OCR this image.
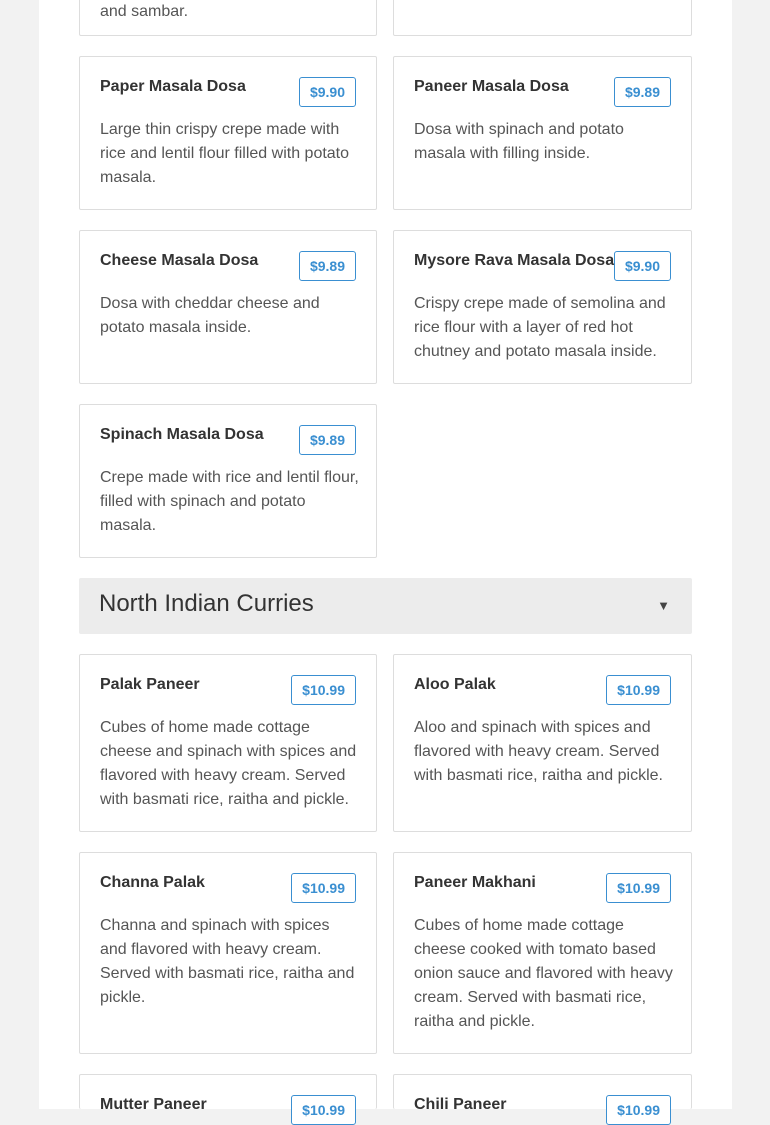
and sambar.
Paper Masala Dosa	$9.90
Large thin crispy crepe made with rice and lentil flour filled with potato masala.
Paneer Masala Dosa	$9.89
Dosa with spinach and potato masala with filling inside.
Cheese Masala Dosa	$9.89
Dosa with cheddar cheese and potato masala inside.
Mysore Rava Masala Dosa $9.90
Crispy crepe made of semolina and rice flour with a layer of red hot chutney and potato masala inside.
Spinach Masala Dosa	$9.89
Crepe made with rice and lentil flour, filled with spinach and potato masala.
North Indian Curries	▼
Palak Paneer	$10.99
Cubes of home made cottage cheese and spinach with spices and flavored with heavy cream. Served with basmati rice, raitha and pickle.
Aloo Palak	$10.99
Aloo and spinach with spices and flavored with heavy cream. Served with basmati rice, raitha and pickle.
Channa Palak	$10.99
Channa and spinach with spices and flavored with heavy cream. Served with basmati rice, raitha and pickle.
Paneer Makhani	$10.99
Cubes of home made cottage cheese cooked with tomato based onion sauce and flavored with heavy cream. Served with basmati rice, raitha and pickle.
Mutter Paneer	$10.99	Chili Paneer	$10.99
